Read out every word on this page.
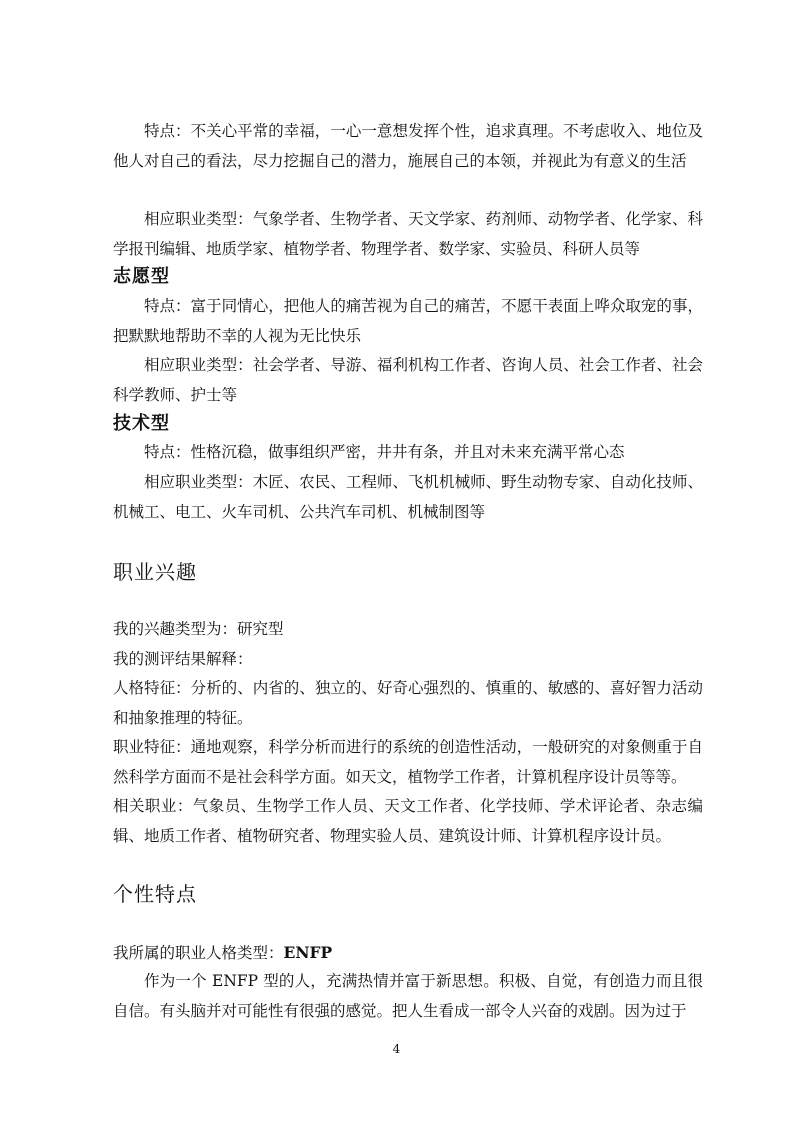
特点：不关心平常的幸福，一心一意想发挥个性，追求真理。不考虑收入、地位及他人对自己的看法，尽力挖掘自己的潜力，施展自己的本领，并视此为有意义的生活

相应职业类型：气象学者、生物学者、天文学家、药剂师、动物学者、化学家、科学报刊编辑、地质学家、植物学者、物理学者、数学家、实验员、科研人员等

志愿型

特点：富于同情心，把他人的痛苦视为自己的痛苦，不愿干表面上哗众取宠的事，把默默地帮助不幸的人视为无比快乐

相应职业类型：社会学者、导游、福利机构工作者、咨询人员、社会工作者、社会科学教师、护士等

技术型

特点：性格沉稳，做事组织严密，井井有条，并且对未来充满平常心态

相应职业类型：木匠、农民、工程师、飞机机械师、野生动物专家、自动化技师、机械工、电工、火车司机、公共汽车司机、机械制图等

职业兴趣
我的兴趣类型为：研究型
我的测评结果解释：

人格特征：分析的、内省的、独立的、好奇心强烈的、慎重的、敏感的、喜好智力活动和抽象推理的特征。

职业特征：通地观察，科学分析而进行的系统的创造性活动，一般研究的对象侧重于自然科学方面而不是社会科学方面。如天文，植物学工作者，计算机程序设计员等等。

相关职业：气象员、生物学工作人员、天文工作者、化学技师、学术评论者、杂志编辑、地质工作者、植物研究者、物理实验人员、建筑设计师、计算机程序设计员。

个性特点
我所属的职业人格类型：ENFP

作为一个 ENFP 型的人，充满热情并富于新思想。积极、自觉，有创造力而且很自信。有头脑并对可能性有很强的感觉。把人生看成一部令人兴奋的戏剧。因为过于

4
